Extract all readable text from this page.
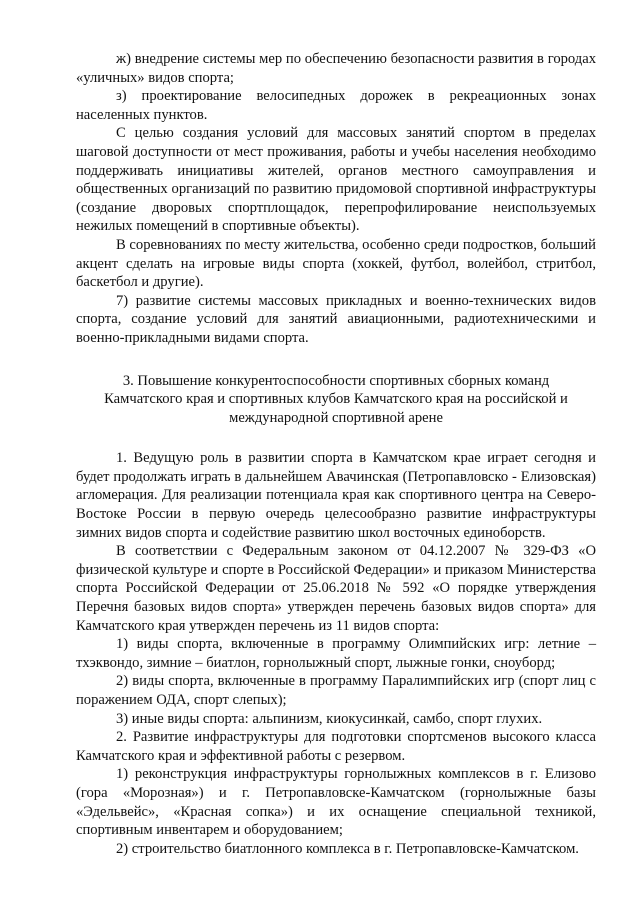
ж) внедрение системы мер по обеспечению безопасности развития в городах «уличных» видов спорта;

з) проектирование велосипедных дорожек в рекреационных зонах населенных пунктов.

С целью создания условий для массовых занятий спортом в пределах шаговой доступности от мест проживания, работы и учебы населения необходимо поддерживать инициативы жителей, органов местного самоуправления и общественных организаций по развитию придомовой спортивной инфраструктуры (создание дворовых спортплощадок, перепрофилирование неиспользуемых нежилых помещений в спортивные объекты).

В соревнованиях по месту жительства, особенно среди подростков, больший акцент сделать на игровые виды спорта (хоккей, футбол, волейбол, стритбол, баскетбол и другие).

7) развитие системы массовых прикладных и военно-технических видов спорта, создание условий для занятий авиационными, радиотехническими и военно-прикладными видами спорта.

3. Повышение конкурентоспособности спортивных сборных команд Камчатского края и спортивных клубов Камчатского края на российской и международной спортивной арене

1. Ведущую роль в развитии спорта в Камчатском крае играет сегодня и будет продолжать играть в дальнейшем Авачинская (Петропавловско - Елизовская) агломерация. Для реализации потенциала края как спортивного центра на Северо-Востоке России в первую очередь целесообразно развитие инфраструктуры зимних видов спорта и содействие развитию школ восточных единоборств.

В соответствии с Федеральным законом от 04.12.2007 № 329-ФЗ «О физической культуре и спорте в Российской Федерации» и приказом Министерства спорта Российской Федерации от 25.06.2018 № 592 «О порядке утверждения Перечня базовых видов спорта» утвержден перечень базовых видов спорта» для Камчатского края утвержден перечень из 11 видов спорта:

1) виды спорта, включенные в программу Олимпийских игр: летние – тхэквондо, зимние – биатлон, горнолыжный спорт, лыжные гонки, сноуборд;

2) виды спорта, включенные в программу Паралимпийских игр (спорт лиц с поражением ОДА, спорт слепых);

3) иные виды спорта: альпинизм, киокусинкай, самбо, спорт глухих.

2. Развитие инфраструктуры для подготовки спортсменов высокого класса Камчатского края и эффективной работы с резервом.

1) реконструкция инфраструктуры горнолыжных комплексов в г. Елизово (гора «Морозная») и г. Петропавловске-Камчатском (горнолыжные базы «Эдельвейс», «Красная сопка») и их оснащение специальной техникой, спортивным инвентарем и оборудованием;

2) строительство биатлонного комплекса в г. Петропавловске-Камчатском.
